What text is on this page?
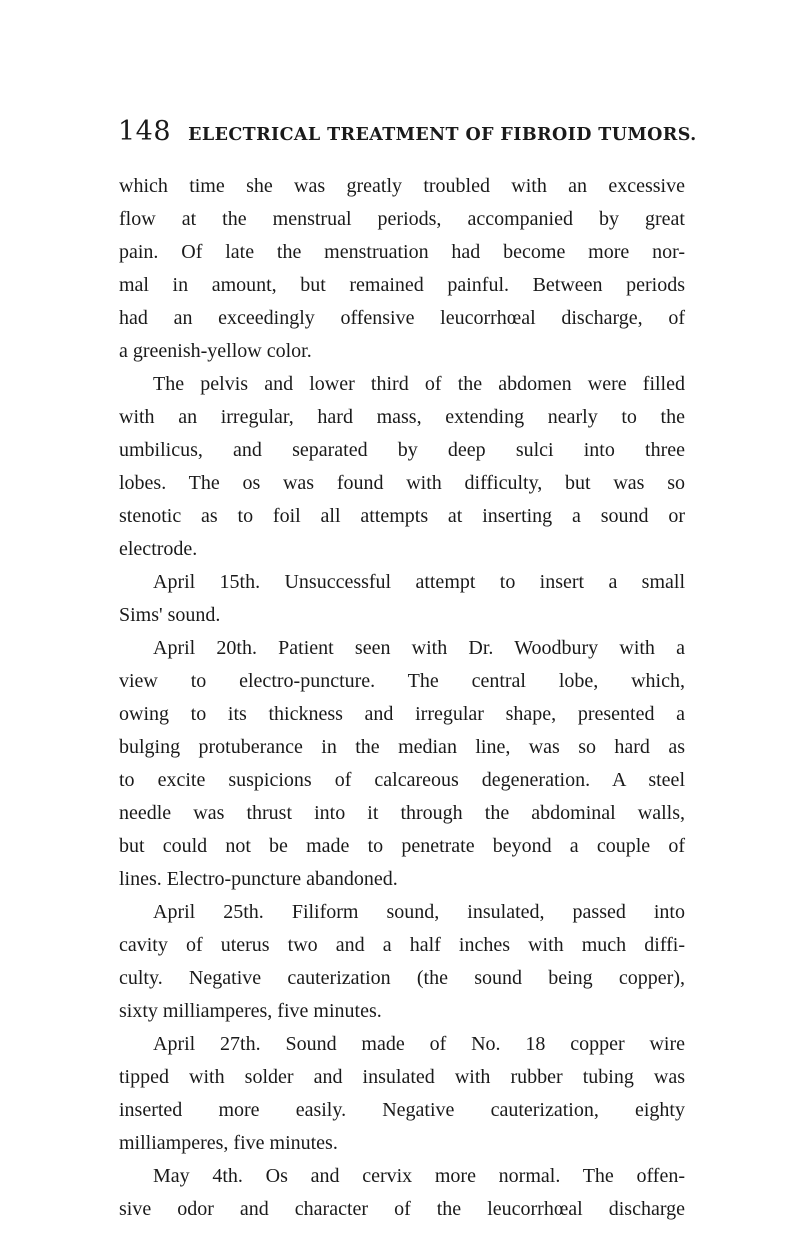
148 ELECTRICAL TREATMENT OF FIBROID TUMORS.
which time she was greatly troubled with an excessive
flow at the menstrual periods, accompanied by great
pain. Of late the menstruation had become more nor-
mal in amount, but remained painful. Between periods
had an exceedingly offensive leucorrhœal discharge, of
a greenish-yellow color.
The pelvis and lower third of the abdomen were filled
with an irregular, hard mass, extending nearly to the
umbilicus, and separated by deep sulci into three
lobes. The os was found with difficulty, but was so
stenotic as to foil all attempts at inserting a sound or
electrode.
April 15th. Unsuccessful attempt to insert a small
Sims' sound.
April 20th. Patient seen with Dr. Woodbury with a
view to electro-puncture. The central lobe, which,
owing to its thickness and irregular shape, presented a
bulging protuberance in the median line, was so hard as
to excite suspicions of calcareous degeneration. A steel
needle was thrust into it through the abdominal walls,
but could not be made to penetrate beyond a couple of
lines. Electro-puncture abandoned.
April 25th. Filiform sound, insulated, passed into
cavity of uterus two and a half inches with much diffi-
culty. Negative cauterization (the sound being copper),
sixty milliamperes, five minutes.
April 27th. Sound made of No. 18 copper wire
tipped with solder and insulated with rubber tubing was
inserted more easily. Negative cauterization, eighty
milliamperes, five minutes.
May 4th. Os and cervix more normal. The offen-
sive odor and character of the leucorrhœal discharge
